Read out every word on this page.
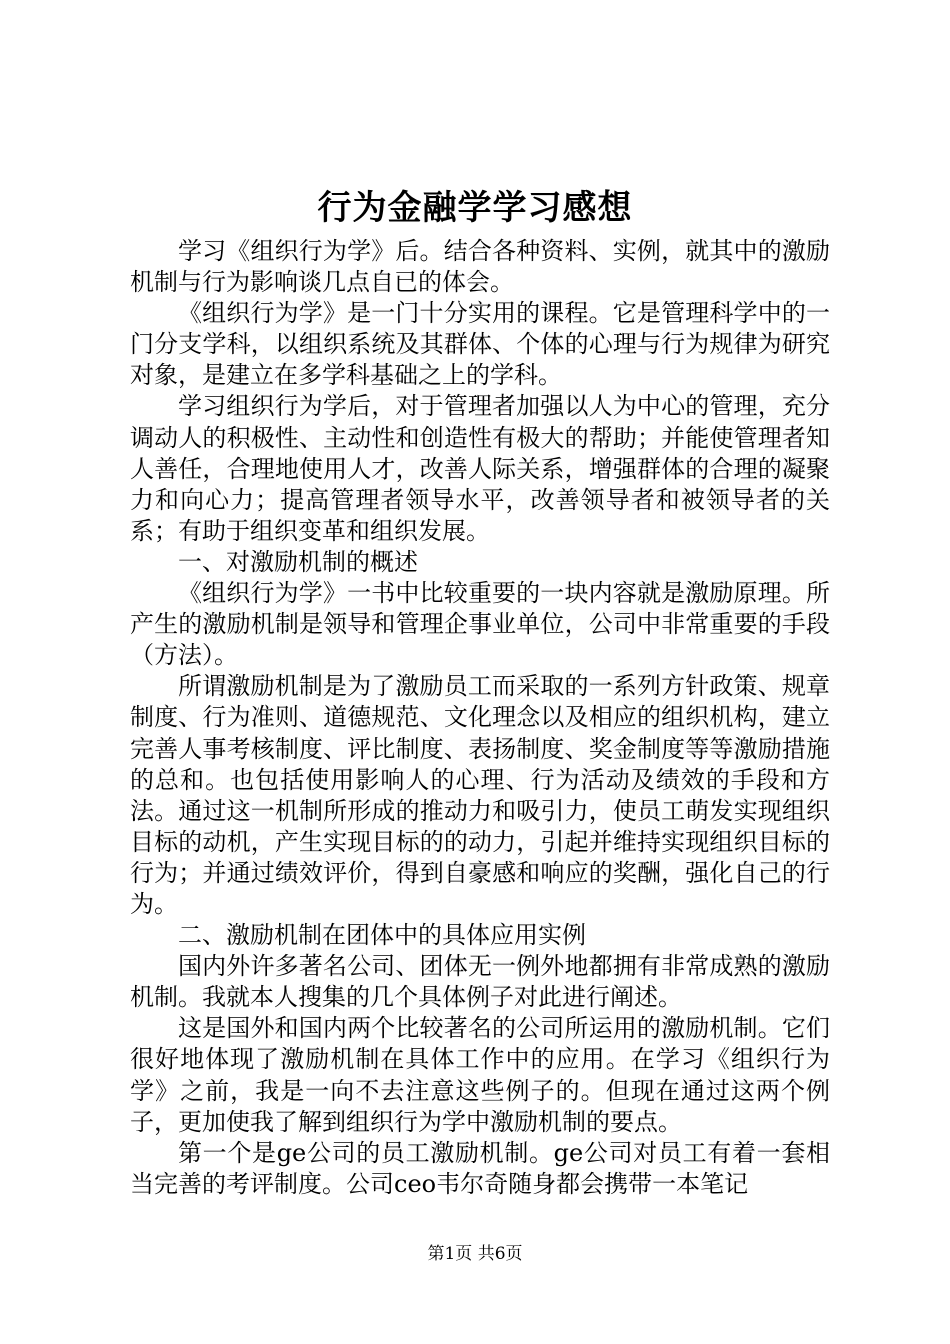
行为金融学学习感想

学习《组织行为学》后。结合各种资料、实例，就其中的激励机制与行为影响谈几点自已的体会。

《组织行为学》是一门十分实用的课程。它是管理科学中的一门分支学科，以组织系统及其群体、个体的心理与行为规律为研究对象，是建立在多学科基础之上的学科。

学习组织行为学后，对于管理者加强以人为中心的管理，充分调动人的积极性、主动性和创造性有极大的帮助；并能使管理者知人善任，合理地使用人才，改善人际关系，增强群体的合理的凝聚力和向心力；提高管理者领导水平，改善领导者和被领导者的关系；有助于组织变革和组织发展。

一、对激励机制的概述

《组织行为学》一书中比较重要的一块内容就是激励原理。所产生的激励机制是领导和管理企事业单位，公司中非常重要的手段（方法）。

所谓激励机制是为了激励员工而采取的一系列方针政策、规章制度、行为准则、道德规范、文化理念以及相应的组织机构，建立完善人事考核制度、评比制度、表扬制度、奖金制度等等激励措施的总和。也包括使用影响人的心理、行为活动及绩效的手段和方法。通过这一机制所形成的推动力和吸引力，使员工萌发实现组织目标的动机，产生实现目标的的动力，引起并维持实现组织目标的行为；并通过绩效评价，得到自豪感和响应的奖酬，强化自己的行为。

二、激励机制在团体中的具体应用实例

国内外许多著名公司、团体无一例外地都拥有非常成熟的激励机制。我就本人搜集的几个具体例子对此进行阐述。

这是国外和国内两个比较著名的公司所运用的激励机制。它们很好地体现了激励机制在具体工作中的应用。在学习《组织行为学》之前，我是一向不去注意这些例子的。但现在通过这两个例子，更加使我了解到组织行为学中激励机制的要点。

第一个是ge公司的员工激励机制。ge公司对员工有着一套相当完善的考评制度。公司ceo韦尔奇随身都会携带一本笔记

第1页 共6页
